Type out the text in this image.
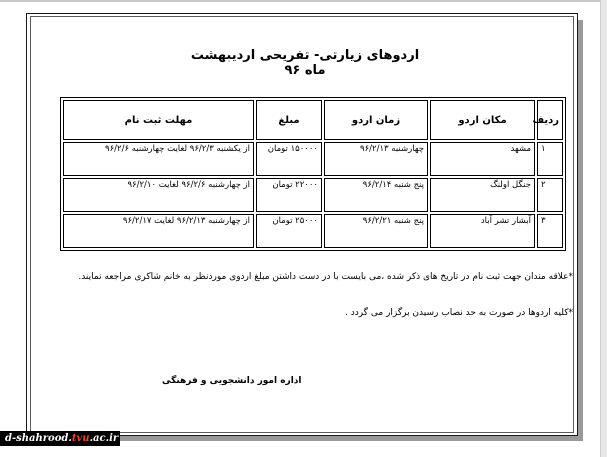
اردوهای زیارتی- تفریحی اردیبهشت ماه ۹۶
ردیف	مکان اردو	زمان اردو	مبلغ	مهلت ثبت نام
۱	مشهد	چهارشنبه ۹۶/۲/۱۳	۱۵۰۰۰۰ تومان	از یکشنبه ۹۶/۲/۳ لغایت چهارشنبه ۹۶/۲/۶
۲	جنگل اولنگ	پنج شنبه ۹۶/۲/۱۴	۲۲۰۰۰ تومان	از چهارشنبه ۹۶/۲/۶ لغایت ۹۶/۲/۱۰
۳	آبشار تشر آباد	پنج شنبه ۹۶/۲/۲۱	۲۵۰۰۰ تومان	از چهارشنبه ۹۶/۲/۱۳ لغایت ۹۶/۲/۱۷
*علاقه مندان جهت ثبت نام در تاریخ های ذکر شده ،می بایست با در دست داشتن مبلغ اردوی موردنظر به خانم شاکری مراجعه نمایند.
*کلیه اردوها در صورت به حد نصاب رسیدن برگزار می گردد .
اداره امور دانشجویی و فرهنگی
d-shahrood.tvu.ac.ir
